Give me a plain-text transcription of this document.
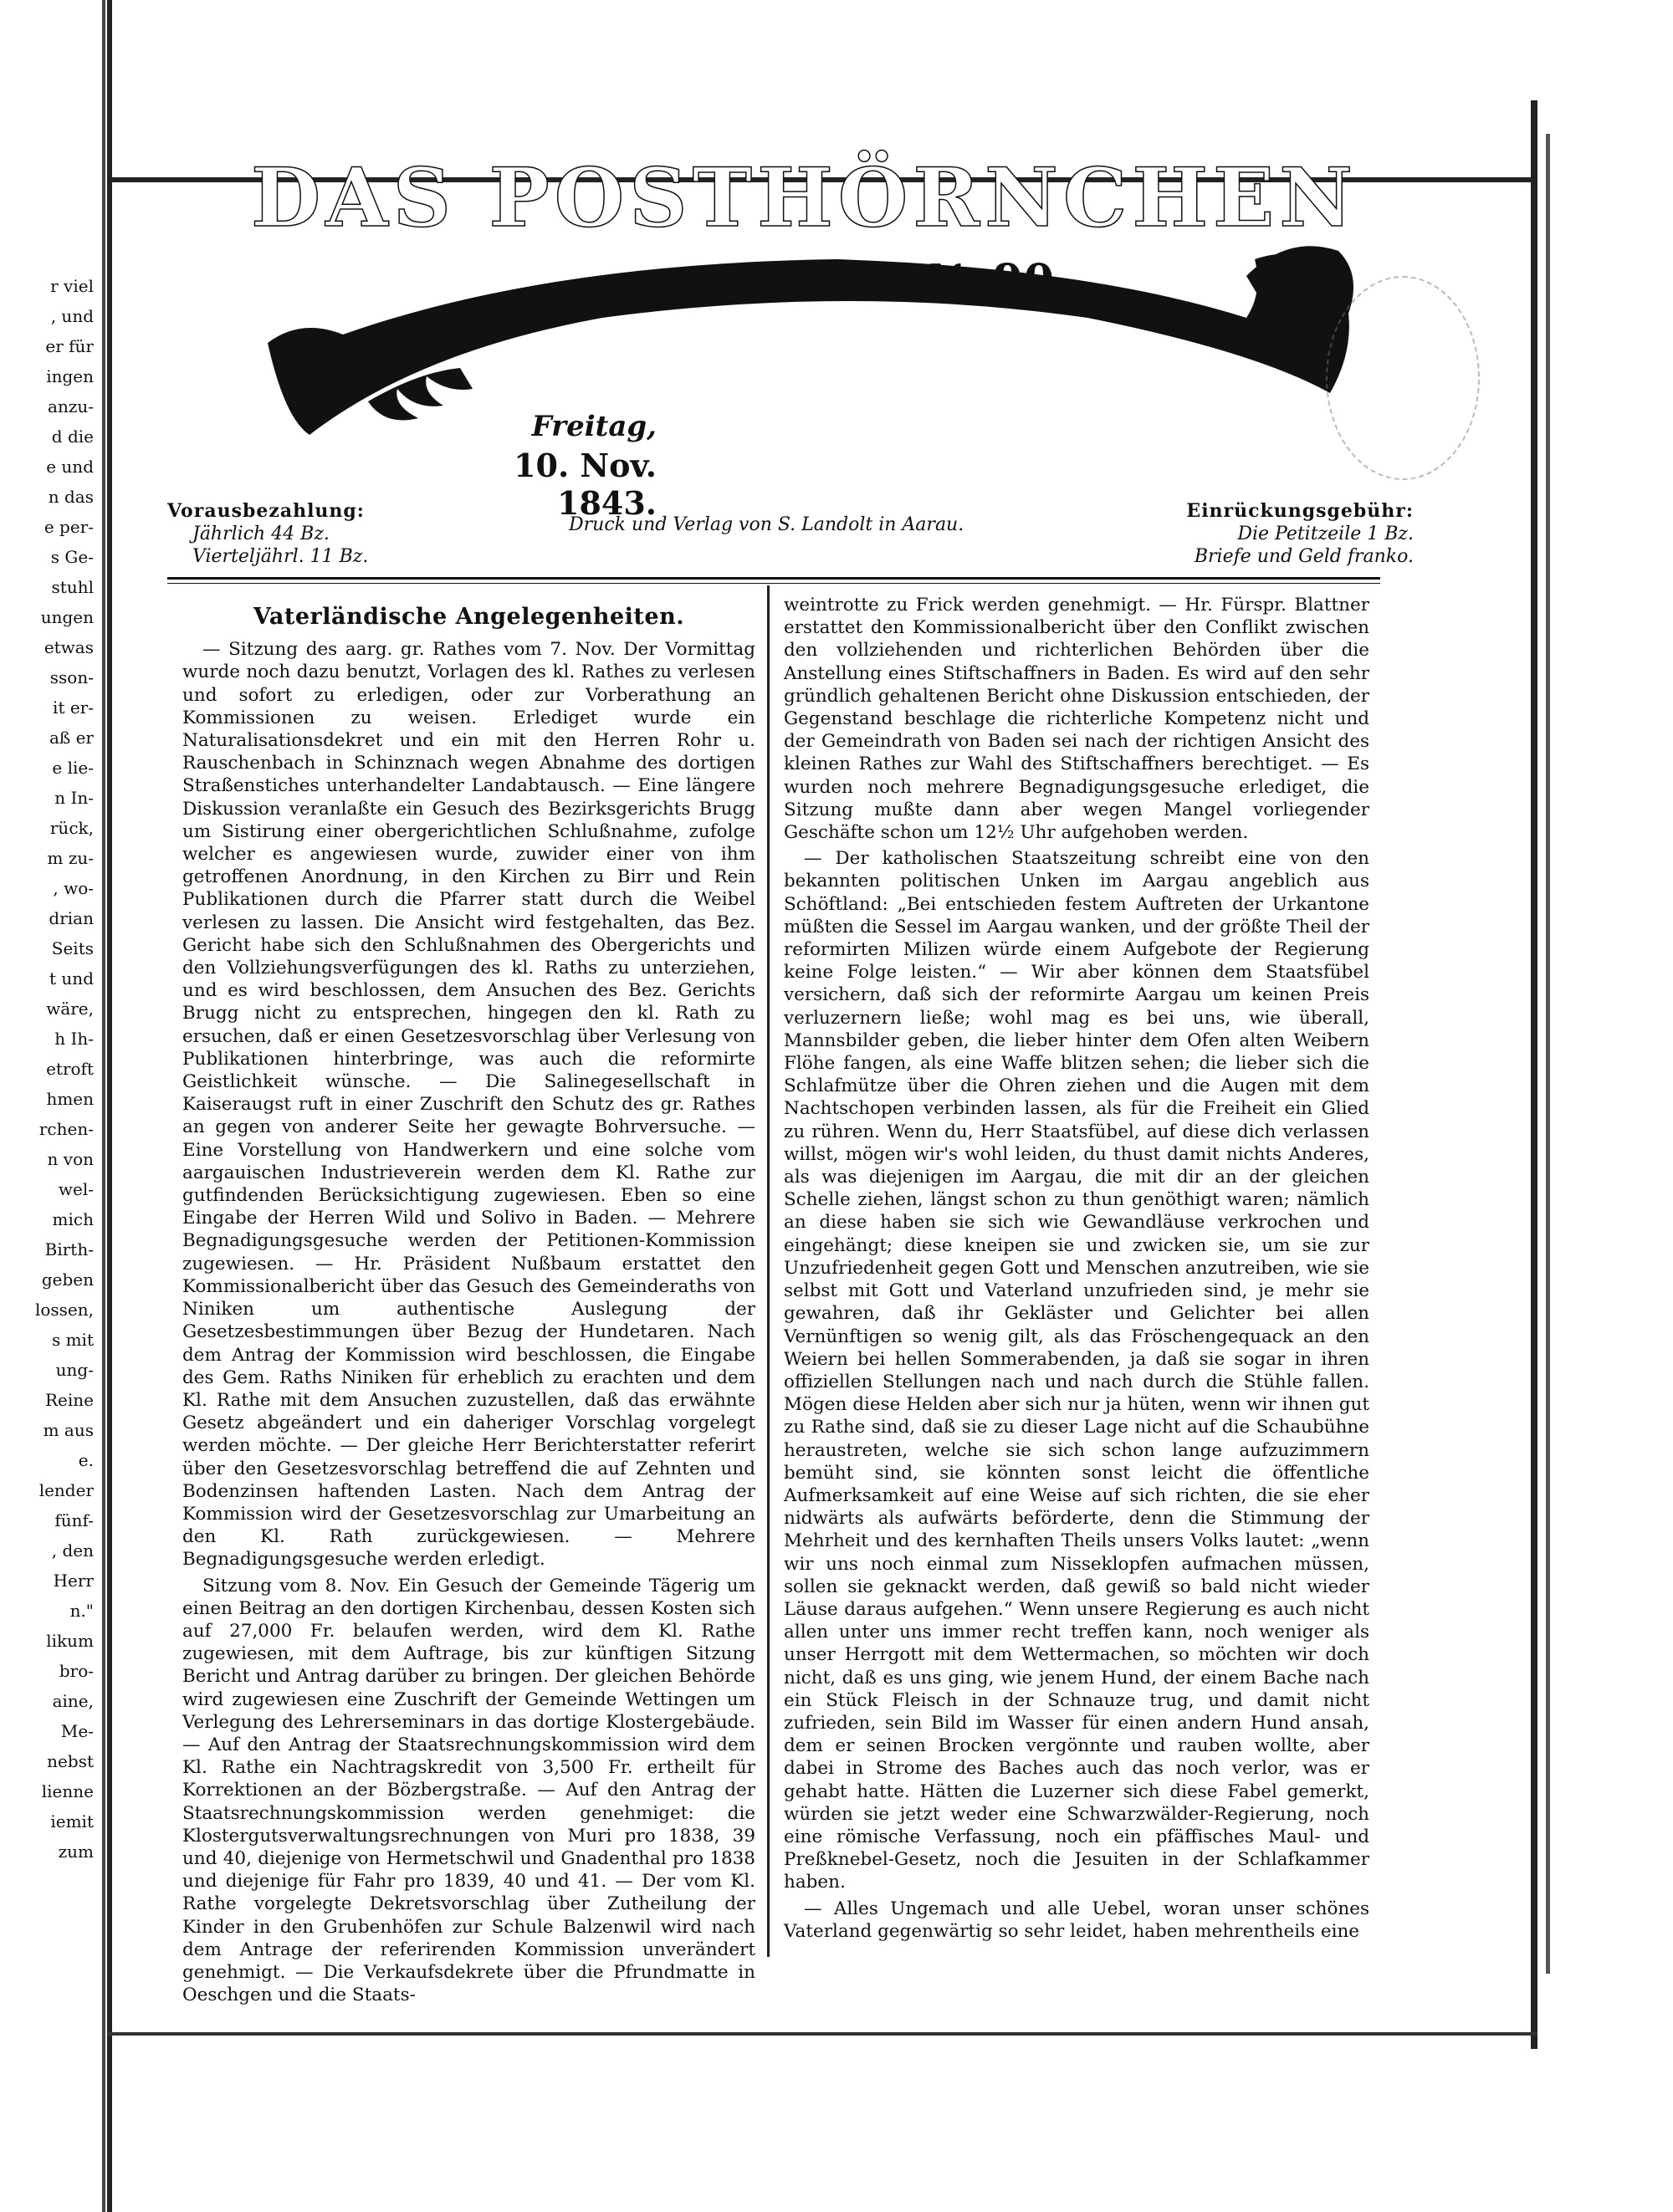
r viel
, und
er für
ingen
anzu-
d die
e und
n das
e per-
s Ge-
stuhl
ungen
etwas
sson-
it er-
aß er
e lie-
n In-
rück,
m zu-
, wo-
drian
Seits
t und
wäre,
h Ih-
etroft
hmen
rchen-
n von
wel-
mich
Birth-
geben
lossen,
s mit
ung-
Reine
m aus
e.
lender
fünf-
, den
Herr
n."
likum
bro-
aine,
Me-
nebst
lienne
iemit
zum
DAS POSTHÖRNCHEN
№ 90.
Freitag,
10. Nov. 1843.
Vorausbezahlung:
Jährlich 44 Bz.
Vierteljährl. 11 Bz.
Druck und Verlag von S. Landolt in Aarau.
Einrückungsgebühr:
Die Petitzeile 1 Bz.
Briefe und Geld franko.
Vaterländische Angelegenheiten.

— Sitzung des aarg. gr. Rathes vom 7. Nov. Der Vormittag wurde noch dazu benutzt, Vorlagen des kl. Rathes zu verlesen und sofort zu erledigen, oder zur Vorberathung an Kommissionen zu weisen. Erlediget wurde ein Naturalisationsdekret und ein mit den Herren Rohr u. Rauschenbach in Schinznach wegen Abnahme des dortigen Straßenstiches unterhandelter Landabtausch. — Eine längere Diskussion veranlaßte ein Gesuch des Bezirksgerichts Brugg um Sistirung einer obergerichtlichen Schlußnahme, zufolge welcher es angewiesen wurde, zuwider einer von ihm getroffenen Anordnung, in den Kirchen zu Birr und Rein Publikationen durch die Pfarrer statt durch die Weibel verlesen zu lassen. Die Ansicht wird festgehalten, das Bez. Gericht habe sich den Schlußnahmen des Obergerichts und den Vollziehungsverfügungen des kl. Raths zu unterziehen, und es wird beschlossen, dem Ansuchen des Bez. Gerichts Brugg nicht zu entsprechen, hingegen den kl. Rath zu ersuchen, daß er einen Gesetzesvorschlag über Verlesung von Publikationen hinterbringe, was auch die reformirte Geistlichkeit wünsche. — Die Salinegesellschaft in Kaiseraugst ruft in einer Zuschrift den Schutz des gr. Rathes an gegen von anderer Seite her gewagte Bohrversuche. — Eine Vorstellung von Handwerkern und eine solche vom aargauischen Industrieverein werden dem Kl. Rathe zur gutfindenden Berücksichtigung zugewiesen. Eben so eine Eingabe der Herren Wild und Solivo in Baden. — Mehrere Begnadigungsgesuche werden der Petitionen-Kommission zugewiesen. — Hr. Präsident Nußbaum erstattet den Kommissionalbericht über das Gesuch des Gemeinderaths von Niniken um authentische Auslegung der Gesetzesbestimmungen über Bezug der Hundetaren. Nach dem Antrag der Kommission wird beschlossen, die Eingabe des Gem. Raths Niniken für erheblich zu erachten und dem Kl. Rathe mit dem Ansuchen zuzustellen, daß das erwähnte Gesetz abgeändert und ein daheriger Vorschlag vorgelegt werden möchte. — Der gleiche Herr Berichterstatter referirt über den Gesetzesvorschlag betreffend die auf Zehnten und Bodenzinsen haftenden Lasten. Nach dem Antrag der Kommission wird der Gesetzesvorschlag zur Umarbeitung an den Kl. Rath zurückgewiesen. — Mehrere Begnadigungsgesuche werden erledigt.

Sitzung vom 8. Nov. Ein Gesuch der Gemeinde Tägerig um einen Beitrag an den dortigen Kirchenbau, dessen Kosten sich auf 27,000 Fr. belaufen werden, wird dem Kl. Rathe zugewiesen, mit dem Auftrage, bis zur künftigen Sitzung Bericht und Antrag darüber zu bringen. Der gleichen Behörde wird zugewiesen eine Zuschrift der Gemeinde Wettingen um Verlegung des Lehrerseminars in das dortige Klostergebäude. — Auf den Antrag der Staatsrechnungskommission wird dem Kl. Rathe ein Nachtragskredit von 3,500 Fr. ertheilt für Korrektionen an der Bözbergstraße. — Auf den Antrag der Staatsrechnungskommission werden genehmiget: die Klostergutsverwaltungsrechnungen von Muri pro 1838, 39 und 40, diejenige von Hermetschwil und Gnadenthal pro 1838 und diejenige für Fahr pro 1839, 40 und 41. — Der vom Kl. Rathe vorgelegte Dekretsvorschlag über Zutheilung der Kinder in den Grubenhöfen zur Schule Balzenwil wird nach dem Antrage der referirenden Kommission unverändert genehmigt. — Die Verkaufsdekrete über die Pfrundmatte in Oeschgen und die Staats-

weintrotte zu Frick werden genehmigt. — Hr. Fürspr. Blattner erstattet den Kommissionalbericht über den Conflikt zwischen den vollziehenden und richterlichen Behörden über die Anstellung eines Stiftschaffners in Baden. Es wird auf den sehr gründlich gehaltenen Bericht ohne Diskussion entschieden, der Gegenstand beschlage die richterliche Kompetenz nicht und der Gemeindrath von Baden sei nach der richtigen Ansicht des kleinen Rathes zur Wahl des Stiftschaffners berechtiget. — Es wurden noch mehrere Begnadigungsgesuche erlediget, die Sitzung mußte dann aber wegen Mangel vorliegender Geschäfte schon um 12½ Uhr aufgehoben werden.

— Der katholischen Staatszeitung schreibt eine von den bekannten politischen Unken im Aargau angeblich aus Schöftland: „Bei entschieden festem Auftreten der Urkantone müßten die Sessel im Aargau wanken, und der größte Theil der reformirten Milizen würde einem Aufgebote der Regierung keine Folge leisten.“ — Wir aber können dem Staatsfübel versichern, daß sich der reformirte Aargau um keinen Preis verluzernern ließe; wohl mag es bei uns, wie überall, Mannsbilder geben, die lieber hinter dem Ofen alten Weibern Flöhe fangen, als eine Waffe blitzen sehen; die lieber sich die Schlafmütze über die Ohren ziehen und die Augen mit dem Nachtschopen verbinden lassen, als für die Freiheit ein Glied zu rühren. Wenn du, Herr Staatsfübel, auf diese dich verlassen willst, mögen wir's wohl leiden, du thust damit nichts Anderes, als was diejenigen im Aargau, die mit dir an der gleichen Schelle ziehen, längst schon zu thun genöthigt waren; nämlich an diese haben sie sich wie Gewandläuse verkrochen und eingehängt; diese kneipen sie und zwicken sie, um sie zur Unzufriedenheit gegen Gott und Menschen anzutreiben, wie sie selbst mit Gott und Vaterland unzufrieden sind, je mehr sie gewahren, daß ihr Gekläster und Gelichter bei allen Vernünftigen so wenig gilt, als das Fröschengequack an den Weiern bei hellen Sommerabenden, ja daß sie sogar in ihren offiziellen Stellungen nach und nach durch die Stühle fallen. Mögen diese Helden aber sich nur ja hüten, wenn wir ihnen gut zu Rathe sind, daß sie zu dieser Lage nicht auf die Schaubühne heraustreten, welche sie sich schon lange aufzuzimmern bemüht sind, sie könnten sonst leicht die öffentliche Aufmerksamkeit auf eine Weise auf sich richten, die sie eher nidwärts als aufwärts beförderte, denn die Stimmung der Mehrheit und des kernhaften Theils unsers Volks lautet: „wenn wir uns noch einmal zum Nisseklopfen aufmachen müssen, sollen sie geknackt werden, daß gewiß so bald nicht wieder Läuse daraus aufgehen.“ Wenn unsere Regierung es auch nicht allen unter uns immer recht treffen kann, noch weniger als unser Herrgott mit dem Wettermachen, so möchten wir doch nicht, daß es uns ging, wie jenem Hund, der einem Bache nach ein Stück Fleisch in der Schnauze trug, und damit nicht zufrieden, sein Bild im Wasser für einen andern Hund ansah, dem er seinen Brocken vergönnte und rauben wollte, aber dabei in Strome des Baches auch das noch verlor, was er gehabt hatte. Hätten die Luzerner sich diese Fabel gemerkt, würden sie jetzt weder eine Schwarzwälder-Regierung, noch eine römische Verfassung, noch ein pfäffisches Maul- und Preßknebel-Gesetz, noch die Jesuiten in der Schlafkammer haben.

— Alles Ungemach und alle Uebel, woran unser schönes Vaterland gegenwärtig so sehr leidet, haben mehrentheils eine
